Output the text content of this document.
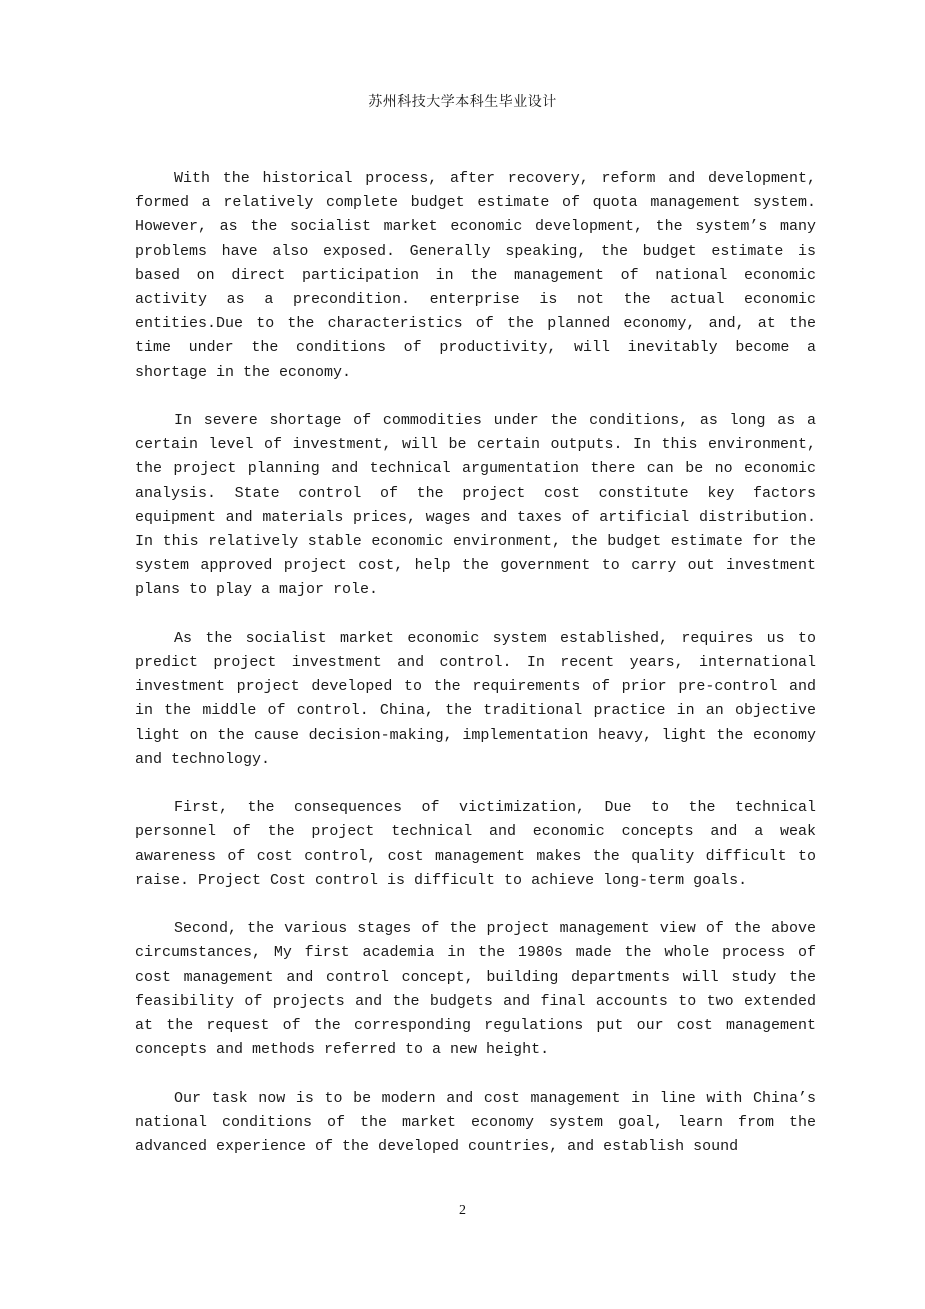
苏州科技大学本科生毕业设计

With the historical process, after recovery, reform and development, formed a relatively complete budget estimate of quota management system. However, as the socialist market economic development, the system’s many problems have also exposed. Generally speaking, the budget estimate is based on direct participation in the management of national economic activity as a precondition. enterprise is not the actual economic entities.Due to the characteristics of the planned economy, and, at the time under the conditions of productivity, will inevitably become a shortage in the economy.

In severe shortage of commodities under the conditions, as long as a certain level of investment, will be certain outputs. In this environment, the project planning and technical argumentation there can be no economic analysis. State control of the project cost constitute key factors equipment and materials prices, wages and taxes of artificial distribution. In this relatively stable economic environment, the budget estimate for the system approved project cost, help the government to carry out investment plans to play a major role.

As the socialist market economic system established, requires us to predict project investment and control. In recent years, international investment project developed to the requirements of prior pre-control and in the middle of control. China, the traditional practice in an objective light on the cause decision-making, implementation heavy, light the economy and technology.

First, the consequences of victimization, Due to the technical personnel of the project technical and economic concepts and a weak awareness of cost control, cost management makes the quality difficult to raise. Project Cost control is difficult to achieve long-term goals.

Second, the various stages of the project management view of the above circumstances, My first academia in the 1980s made the whole process of cost management and control concept, building departments will study the feasibility of projects and the budgets and final accounts to two extended at the request of the corresponding regulations put our cost management concepts and methods referred to a new height.

Our task now is to be modern and cost management in line with China’s national conditions of the market economy system goal, learn from the advanced experience of the developed countries, and establish sound

2
